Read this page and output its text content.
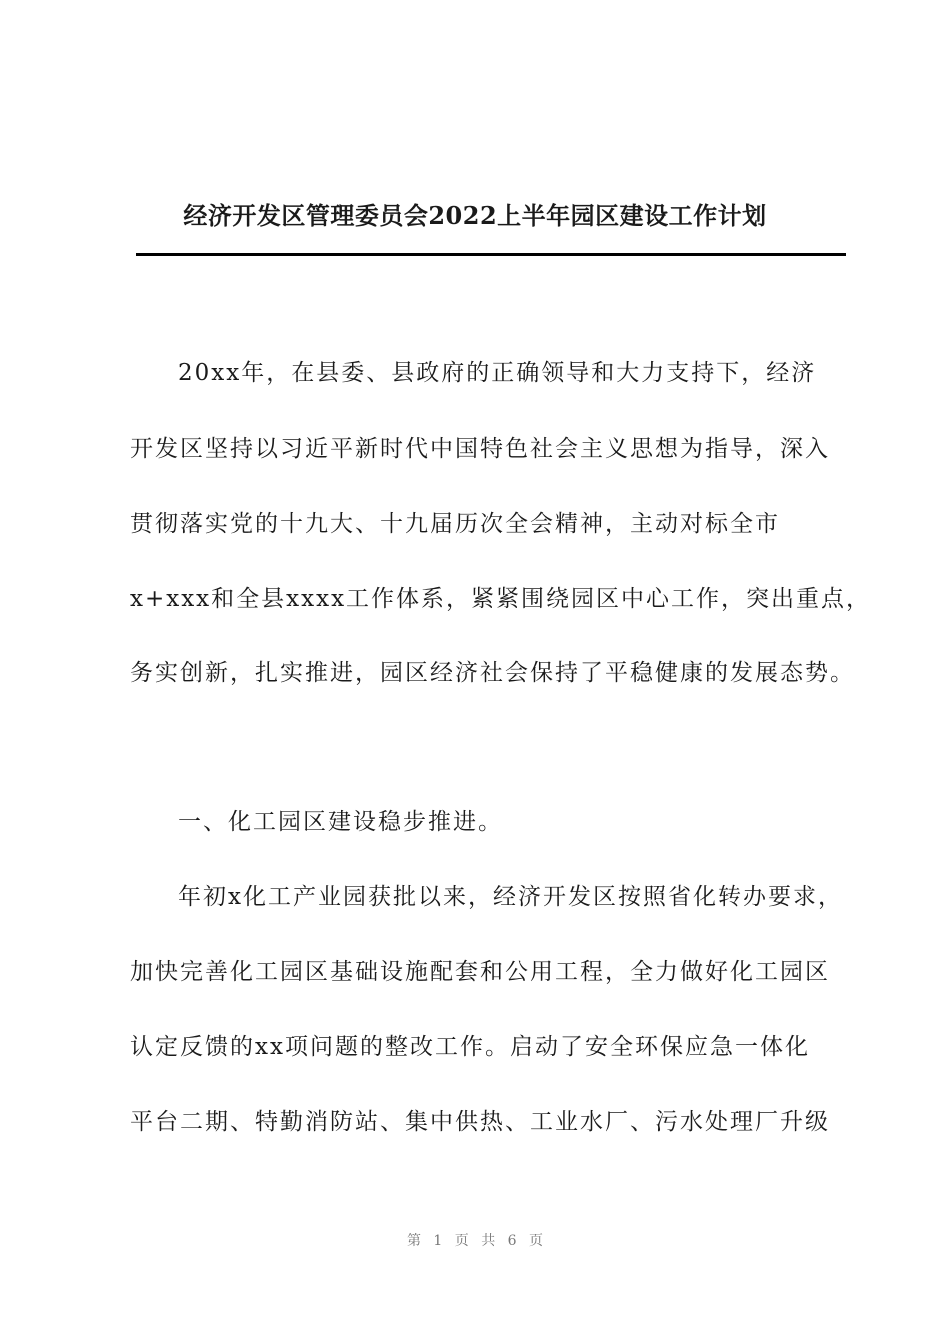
经济开发区管理委员会2022上半年园区建设工作计划
20xx年，在县委、县政府的正确领导和大力支持下，经济
开发区坚持以习近平新时代中国特色社会主义思想为指导，深入
贯彻落实党的十九大、十九届历次全会精神，主动对标全市
x+xxx和全县xxxx工作体系，紧紧围绕园区中心工作，突出重点，
务实创新，扎实推进，园区经济社会保持了平稳健康的发展态势。
一、化工园区建设稳步推进。
年初x化工产业园获批以来，经济开发区按照省化转办要求，
加快完善化工园区基础设施配套和公用工程，全力做好化工园区
认定反馈的xx项问题的整改工作。启动了安全环保应急一体化
平台二期、特勤消防站、集中供热、工业水厂、污水处理厂升级
第 1 页 共 6 页
